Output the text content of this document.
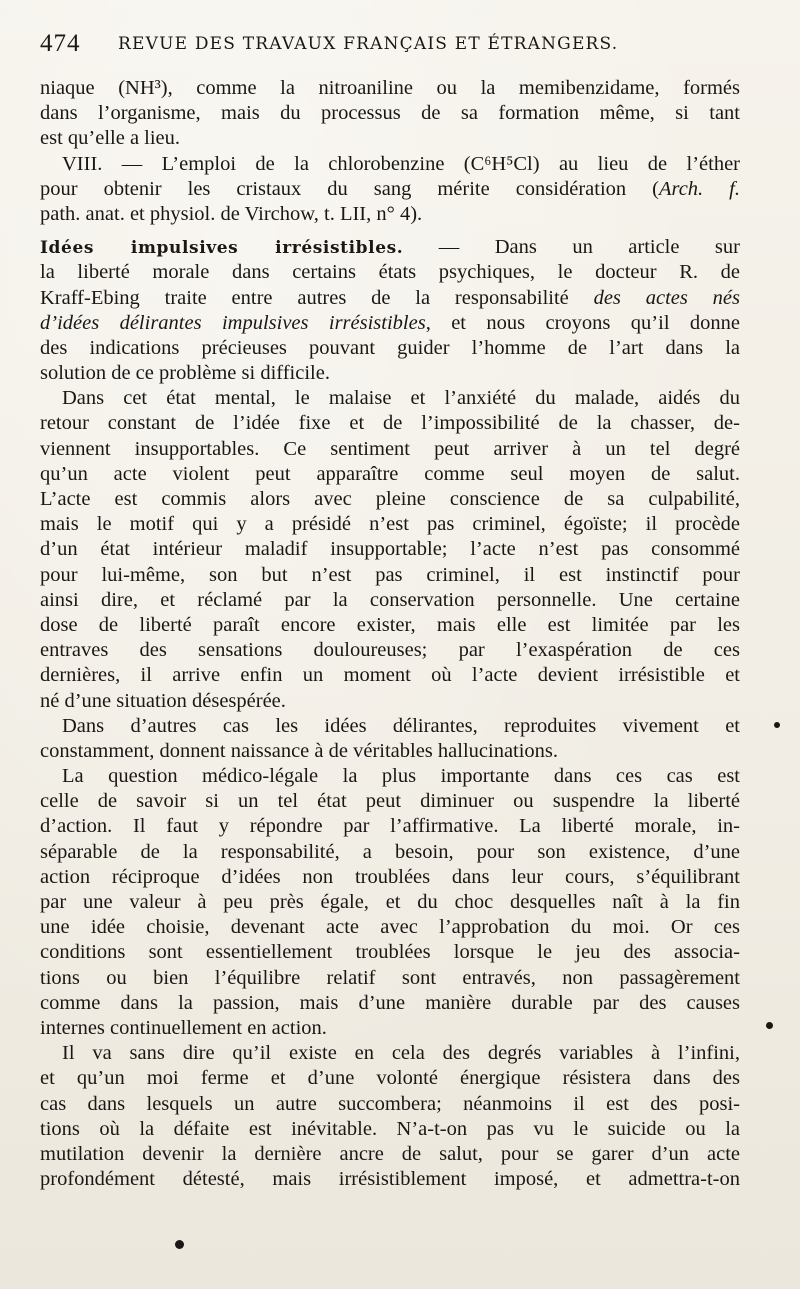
474 REVUE DES TRAVAUX FRANÇAIS ET ÉTRANGERS.
niaque (NH³), comme la nitroaniline ou la memibenzidame, formés
dans l’organisme, mais du processus de sa formation même, si tant
est qu’elle a lieu.
VIII. — L’emploi de la chlorobenzine (C⁶H⁵Cl) au lieu de l’éther
pour obtenir les cristaux du sang mérite considération (Arch. f.
path. anat. et physiol. de Virchow, t. LII, n° 4).
Idées impulsives irrésistibles. — Dans un article sur
la liberté morale dans certains états psychiques, le docteur R. de
Kraff-Ebing traite entre autres de la responsabilité des actes nés
d’idées délirantes impulsives irrésistibles, et nous croyons qu’il donne
des indications précieuses pouvant guider l’homme de l’art dans la
solution de ce problème si difficile.
Dans cet état mental, le malaise et l’anxiété du malade, aidés du
retour constant de l’idée fixe et de l’impossibilité de la chasser, de-
viennent insupportables. Ce sentiment peut arriver à un tel degré
qu’un acte violent peut apparaître comme seul moyen de salut.
L’acte est commis alors avec pleine conscience de sa culpabilité,
mais le motif qui y a présidé n’est pas criminel, égoïste; il procède
d’un état intérieur maladif insupportable; l’acte n’est pas consommé
pour lui-même, son but n’est pas criminel, il est instinctif pour
ainsi dire, et réclamé par la conservation personnelle. Une certaine
dose de liberté paraît encore exister, mais elle est limitée par les
entraves des sensations douloureuses; par l’exaspération de ces
dernières, il arrive enfin un moment où l’acte devient irrésistible et
né d’une situation désespérée.
Dans d’autres cas les idées délirantes, reproduites vivement et
constamment, donnent naissance à de véritables hallucinations.
La question médico-légale la plus importante dans ces cas est
celle de savoir si un tel état peut diminuer ou suspendre la liberté
d’action. Il faut y répondre par l’affirmative. La liberté morale, in-
séparable de la responsabilité, a besoin, pour son existence, d’une
action réciproque d’idées non troublées dans leur cours, s’équilibrant
par une valeur à peu près égale, et du choc desquelles naît à la fin
une idée choisie, devenant acte avec l’approbation du moi. Or ces
conditions sont essentiellement troublées lorsque le jeu des associa-
tions ou bien l’équilibre relatif sont entravés, non passagèrement
comme dans la passion, mais d’une manière durable par des causes
internes continuellement en action.
Il va sans dire qu’il existe en cela des degrés variables à l’infini,
et qu’un moi ferme et d’une volonté énergique résistera dans des
cas dans lesquels un autre succombera; néanmoins il est des posi-
tions où la défaite est inévitable. N’a-t-on pas vu le suicide ou la
mutilation devenir la dernière ancre de salut, pour se garer d’un acte
profondément détesté, mais irrésistiblement imposé, et admettra-t-on
